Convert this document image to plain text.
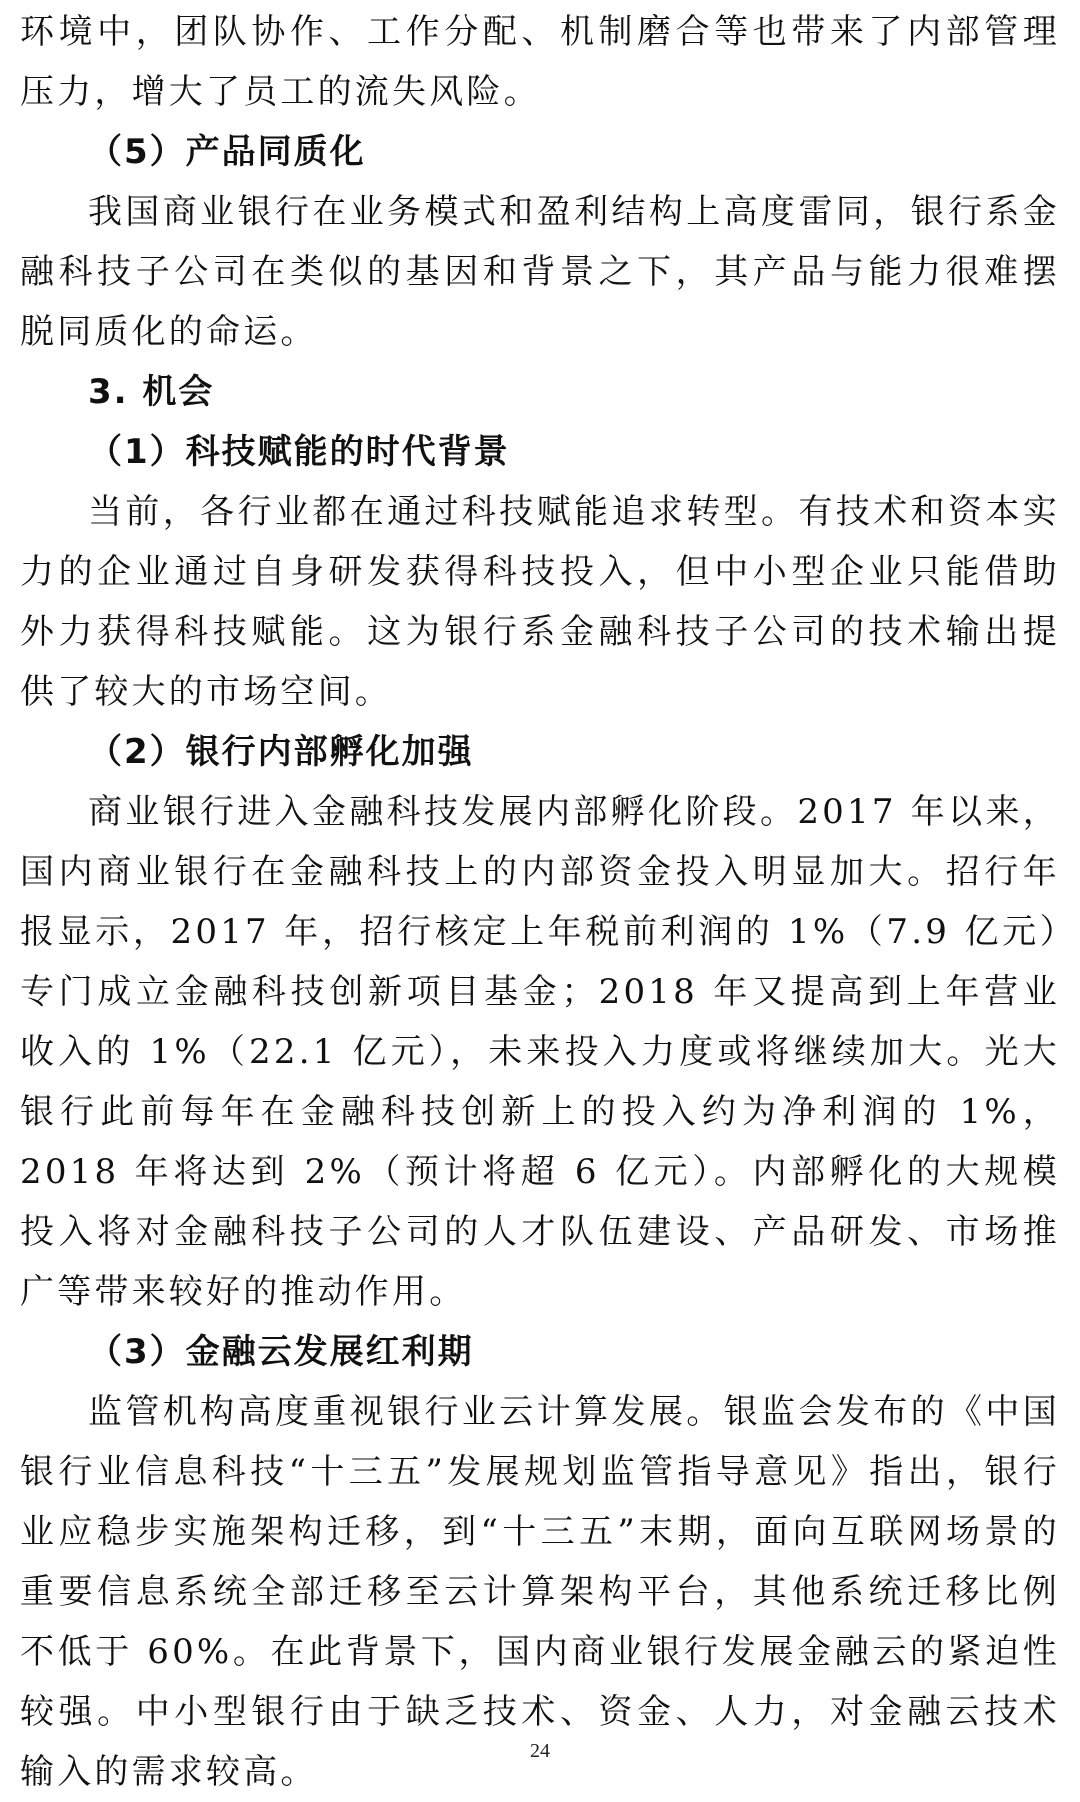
环境中，团队协作、工作分配、机制磨合等也带来了内部管理压力，增大了员工的流失风险。

（5）产品同质化

我国商业银行在业务模式和盈利结构上高度雷同，银行系金融科技子公司在类似的基因和背景之下，其产品与能力很难摆脱同质化的命运。

3. 机会
（1）科技赋能的时代背景

当前，各行业都在通过科技赋能追求转型。有技术和资本实力的企业通过自身研发获得科技投入，但中小型企业只能借助外力获得科技赋能。这为银行系金融科技子公司的技术输出提供了较大的市场空间。

（2）银行内部孵化加强

商业银行进入金融科技发展内部孵化阶段。2017 年以来，国内商业银行在金融科技上的内部资金投入明显加大。招行年报显示，2017 年，招行核定上年税前利润的 1%（7.9 亿元）专门成立金融科技创新项目基金；2018 年又提高到上年营业收入的 1%（22.1 亿元），未来投入力度或将继续加大。光大银行此前每年在金融科技创新上的投入约为净利润的 1%，2018 年将达到 2%（预计将超 6 亿元）。内部孵化的大规模投入将对金融科技子公司的人才队伍建设、产品研发、市场推广等带来较好的推动作用。

（3）金融云发展红利期

监管机构高度重视银行业云计算发展。银监会发布的《中国银行业信息科技“十三五”发展规划监管指导意见》指出，银行业应稳步实施架构迁移，到“十三五”末期，面向互联网场景的重要信息系统全部迁移至云计算架构平台，其他系统迁移比例不低于 60%。在此背景下，国内商业银行发展金融云的紧迫性较强。中小型银行由于缺乏技术、资金、人力，对金融云技术输入的需求较高。

24
